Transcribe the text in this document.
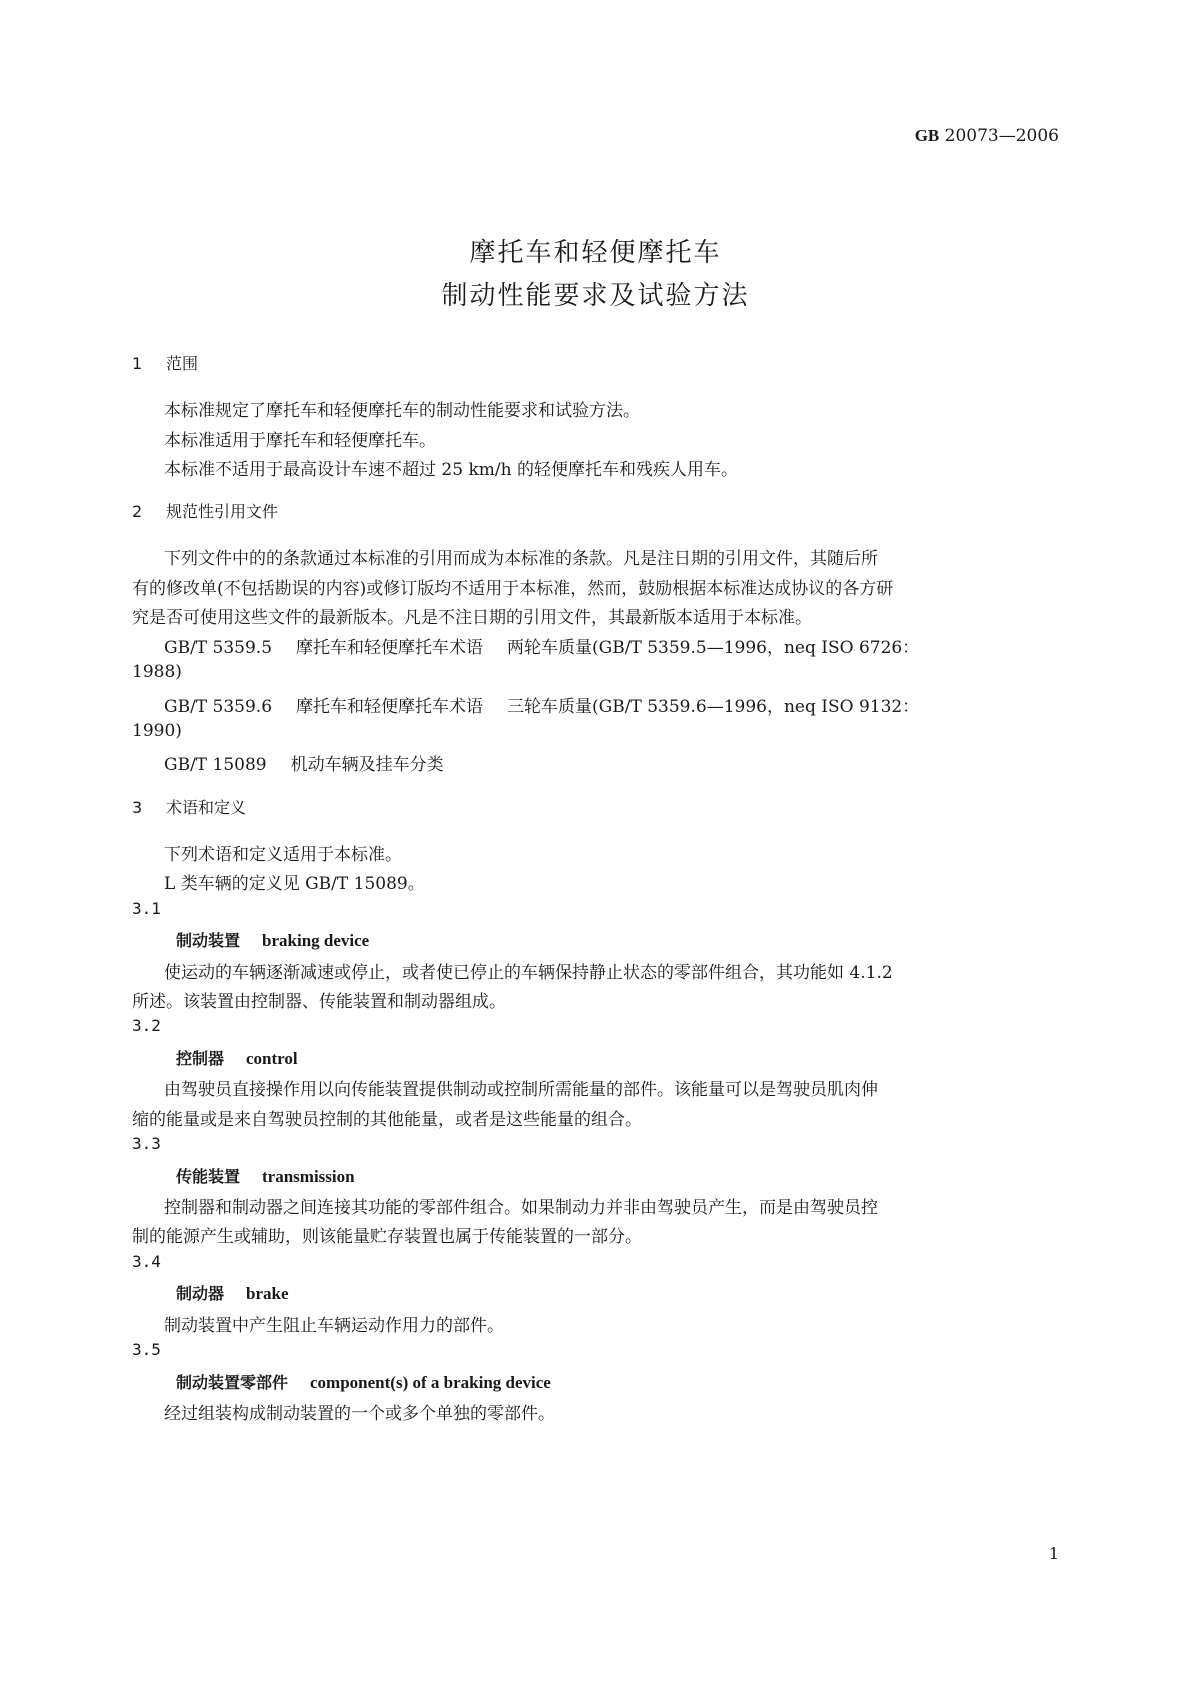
GB 20073—2006
摩托车和轻便摩托车
制动性能要求及试验方法
1 范围
本标准规定了摩托车和轻便摩托车的制动性能要求和试验方法。
本标准适用于摩托车和轻便摩托车。
本标准不适用于最高设计车速不超过 25 km/h 的轻便摩托车和残疾人用车。
2 规范性引用文件
下列文件中的的条款通过本标准的引用而成为本标准的条款。凡是注日期的引用文件，其随后所
有的修改单(不包括勘误的内容)或修订版均不适用于本标准，然而，鼓励根据本标准达成协议的各方研
究是否可使用这些文件的最新版本。凡是不注日期的引用文件，其最新版本适用于本标准。
GB/T 5359.5 摩托车和轻便摩托车术语 两轮车质量(GB/T 5359.5—1996，neq ISO 6726：
1988)
GB/T 5359.6 摩托车和轻便摩托车术语 三轮车质量(GB/T 5359.6—1996，neq ISO 9132：
1990)
GB/T 15089 机动车辆及挂车分类
3 术语和定义
下列术语和定义适用于本标准。
L 类车辆的定义见 GB/T 15089。
3.1
制动装置 braking device
使运动的车辆逐渐减速或停止，或者使已停止的车辆保持静止状态的零部件组合，其功能如 4.1.2
所述。该装置由控制器、传能装置和制动器组成。
3.2
控制器 control
由驾驶员直接操作用以向传能装置提供制动或控制所需能量的部件。该能量可以是驾驶员肌肉伸
缩的能量或是来自驾驶员控制的其他能量，或者是这些能量的组合。
3.3
传能装置 transmission
控制器和制动器之间连接其功能的零部件组合。如果制动力并非由驾驶员产生，而是由驾驶员控
制的能源产生或辅助，则该能量贮存装置也属于传能装置的一部分。
3.4
制动器 brake
制动装置中产生阻止车辆运动作用力的部件。
3.5
制动装置零部件 component(s) of a braking device
经过组装构成制动装置的一个或多个单独的零部件。
1
